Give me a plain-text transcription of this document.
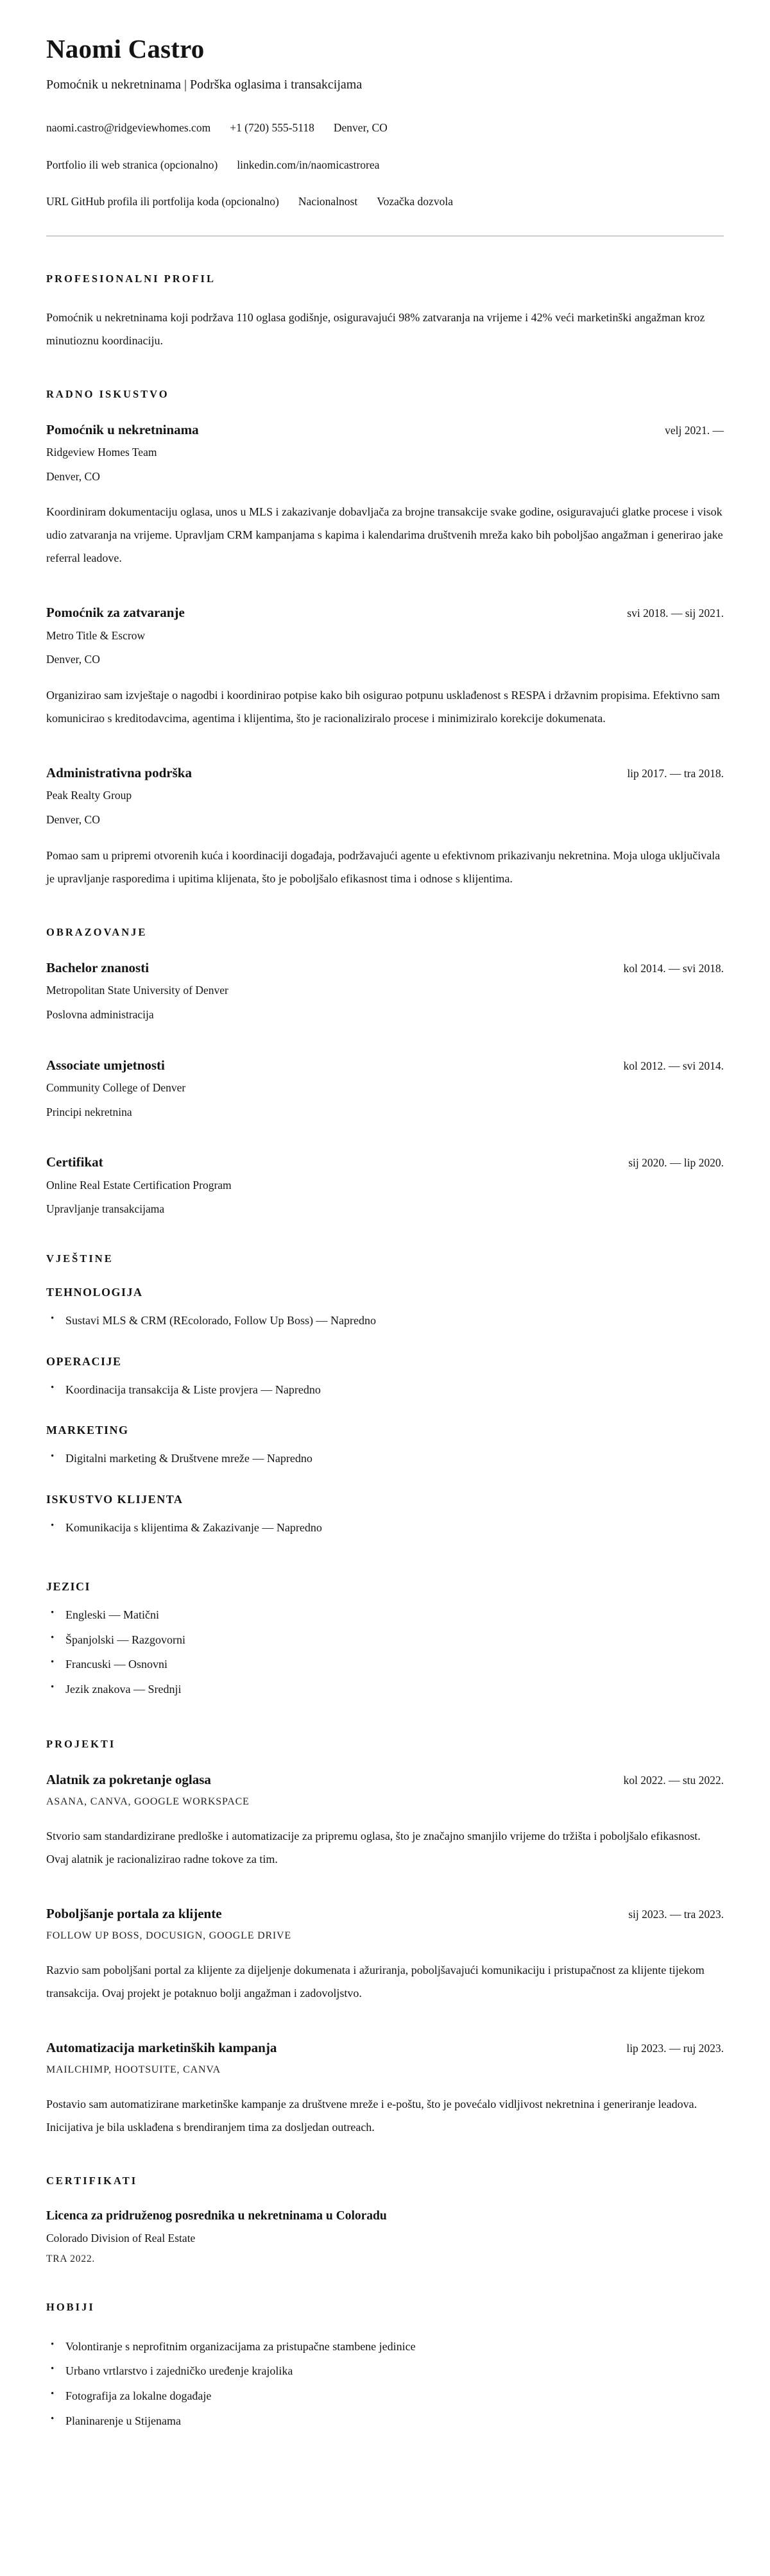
Naomi Castro

Pomoćnik u nekretninama | Podrška oglasima i transakcijama

naomi.castro@ridgeviewhomes.com +1 (720) 555-5118 Denver, CO
Portfolio ili web stranica (opcionalno) linkedin.com/in/naomicastrorea
URL GitHub profila ili portfolija koda (opcionalno) Nacionalnost Vozačka dozvola
PROFESIONALNI PROFIL

Pomoćnik u nekretninama koji podržava 110 oglasa godišnje, osiguravajući 98% zatvaranja na vrijeme i 42% veći marketinški angažman kroz minutioznu koordinaciju.

RADNO ISKUSTVO
Pomoćnik u nekretninama	velj 2021. —
Ridgeview Homes Team
Denver, CO

Koordiniram dokumentaciju oglasa, unos u MLS i zakazivanje dobavljača za brojne transakcije svake godine, osiguravajući glatke procese i visok udio zatvaranja na vrijeme. Upravljam CRM kampanjama s kapima i kalendarima društvenih mreža kako bih poboljšao angažman i generirao jake referral leadove.

Pomoćnik za zatvaranje	svi 2018. — sij 2021.
Metro Title & Escrow
Denver, CO

Organizirao sam izvještaje o nagodbi i koordinirao potpise kako bih osigurao potpunu usklađenost s RESPA i državnim propisima. Efektivno sam komunicirao s kreditodavcima, agentima i klijentima, što je racionaliziralo procese i minimiziralo korekcije dokumenata.

Administrativna podrška	lip 2017. — tra 2018.
Peak Realty Group
Denver, CO

Pomao sam u pripremi otvorenih kuća i koordinaciji događaja, podržavajući agente u efektivnom prikazivanju nekretnina. Moja uloga uključivala je upravljanje rasporedima i upitima klijenata, što je poboljšalo efikasnost tima i odnose s klijentima.

OBRAZOVANJE
Bachelor znanosti	kol 2014. — svi 2018.
Metropolitan State University of Denver
Poslovna administracija
Associate umjetnosti	kol 2012. — svi 2014.
Community College of Denver
Principi nekretnina
Certifikat	sij 2020. — lip 2020.
Online Real Estate Certification Program
Upravljanje transakcijama
VJEŠTINE
TEHNOLOGIJA
• Sustavi MLS & CRM (REcolorado, Follow Up Boss) — Napredno
OPERACIJE
• Koordinacija transakcija & Liste provjera — Napredno
MARKETING
• Digitalni marketing & Društvene mreže — Napredno
ISKUSTVO KLIJENTA
• Komunikacija s klijentima & Zakazivanje — Napredno
JEZICI
• Engleski — Matični
• Španjolski — Razgovorni
• Francuski — Osnovni
• Jezik znakova — Srednji
PROJEKTI
Alatnik za pokretanje oglasa	kol 2022. — stu 2022.
ASANA, CANVA, GOOGLE WORKSPACE

Stvorio sam standardizirane predloške i automatizacije za pripremu oglasa, što je značajno smanjilo vrijeme do tržišta i poboljšalo efikasnost. Ovaj alatnik je racionalizirao radne tokove za tim.

Poboljšanje portala za klijente	sij 2023. — tra 2023.
FOLLOW UP BOSS, DOCUSIGN, GOOGLE DRIVE

Razvio sam poboljšani portal za klijente za dijeljenje dokumenata i ažuriranja, poboljšavajući komunikaciju i pristupačnost za klijente tijekom transakcija. Ovaj projekt je potaknuo bolji angažman i zadovoljstvo.

Automatizacija marketinških kampanja	lip 2023. — ruj 2023.
MAILCHIMP, HOOTSUITE, CANVA

Postavio sam automatizirane marketinške kampanje za društvene mreže i e-poštu, što je povećalo vidljivost nekretnina i generiranje leadova. Inicijativa je bila usklađena s brendiranjem tima za dosljedan outreach.

CERTIFIKATI
Licenca za pridruženog posrednika u nekretninama u Coloradu
Colorado Division of Real Estate
TRA 2022.
HOBIJI
• Volontiranje s neprofitnim organizacijama za pristupačne stambene jedinice
• Urbano vrtlarstvo i zajedničko uređenje krajolika
• Fotografija za lokalne događaje
• Planinarenje u Stijenama
